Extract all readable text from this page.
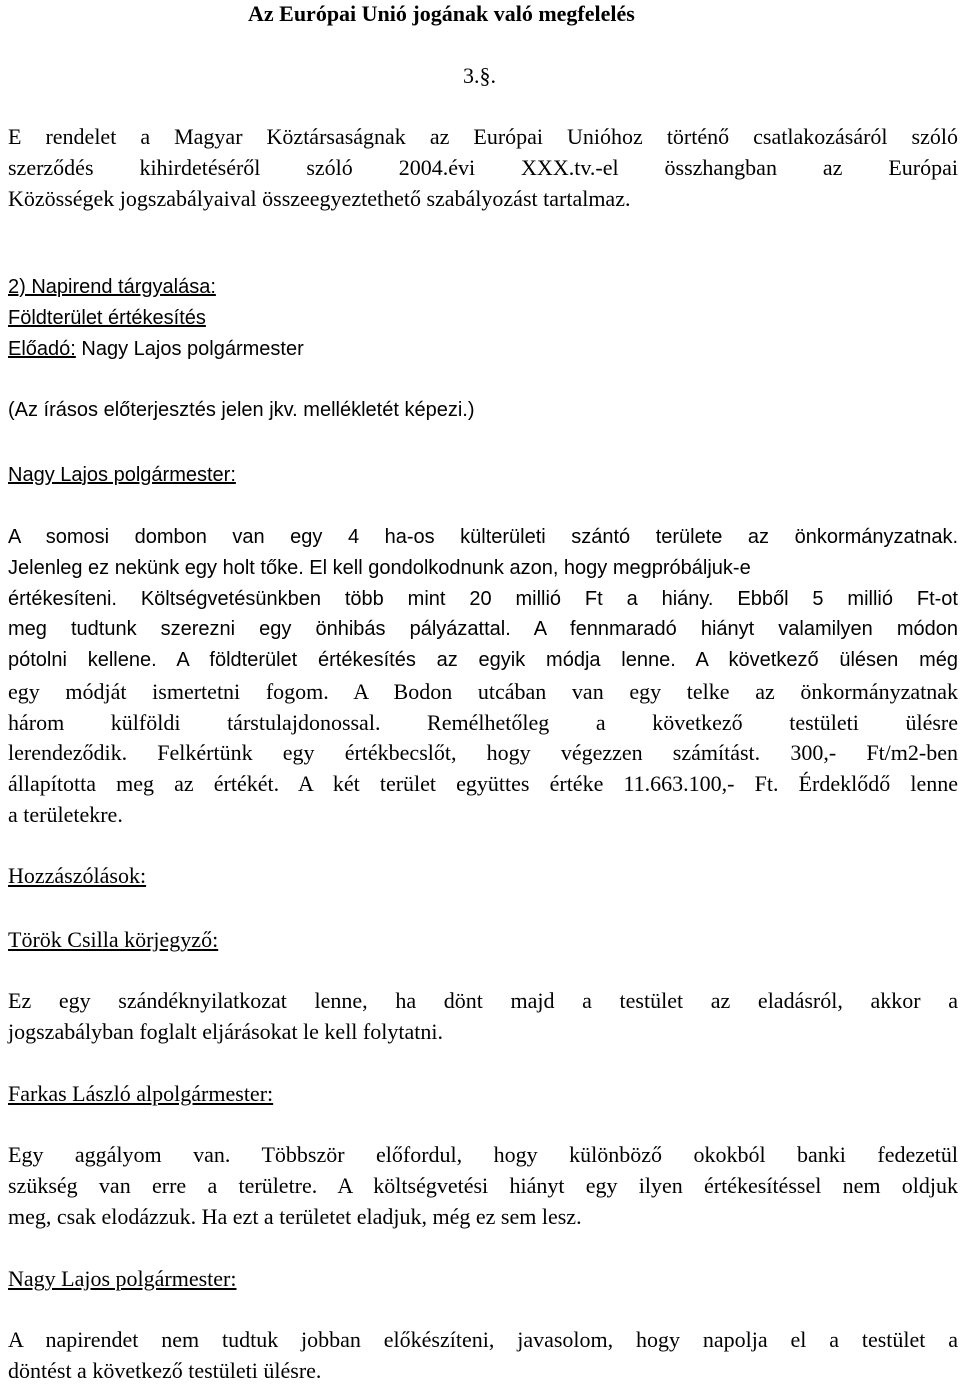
Az Európai Unió jogának való megfelelés

3.§.

E rendelet a Magyar Köztársaságnak az Európai Unióhoz történő csatlakozásáról szóló

szerződés kihirdetéséről szóló 2004.évi XXX.tv.-el összhangban az Európai

Közösségek jogszabályaival összeegyeztethető szabályozást tartalmaz.

2) Napirend tárgyalása:

Földterület értékesítés

Előadó: Nagy Lajos polgármester

(Az írásos előterjesztés jelen jkv. mellékletét képezi.)

Nagy Lajos polgármester:

A somosi dombon van egy 4 ha-os külterületi szántó területe az önkormányzatnak.

Jelenleg ez nekünk egy holt tőke. El kell gondolkodnunk azon, hogy megpróbáljuk-e

értékesíteni. Költségvetésünkben több mint 20 millió Ft a hiány. Ebből 5 millió Ft-ot

meg tudtunk szerezni egy önhibás pályázattal. A fennmaradó hiányt valamilyen módon

pótolni kellene. A földterület értékesítés az egyik módja lenne. A következő ülésen még

egy módját ismertetni fogom. A Bodon utcában van egy telke az önkormányzatnak

három külföldi társtulajdonossal. Remélhetőleg a következő testületi ülésre

lerendeződik. Felkértünk egy értékbecslőt, hogy végezzen számítást. 300,- Ft/m2-ben

állapította meg az értékét. A két terület együttes értéke 11.663.100,- Ft. Érdeklődő lenne

a területekre.

Hozzászólások:

Török Csilla körjegyző:

Ez egy szándéknyilatkozat lenne, ha dönt majd a testület az eladásról, akkor a

jogszabályban foglalt eljárásokat le kell folytatni.

Farkas László alpolgármester:

Egy aggályom van. Többször előfordul, hogy különböző okokból banki fedezetül

szükség van erre a területre. A költségvetési hiányt egy ilyen értékesítéssel nem oldjuk

meg, csak elodázzuk. Ha ezt a területet eladjuk, még ez sem lesz.

Nagy Lajos polgármester:

A napirendet nem tudtuk jobban előkészíteni, javasolom, hogy napolja el a testület a

döntést a következő testületi ülésre.
